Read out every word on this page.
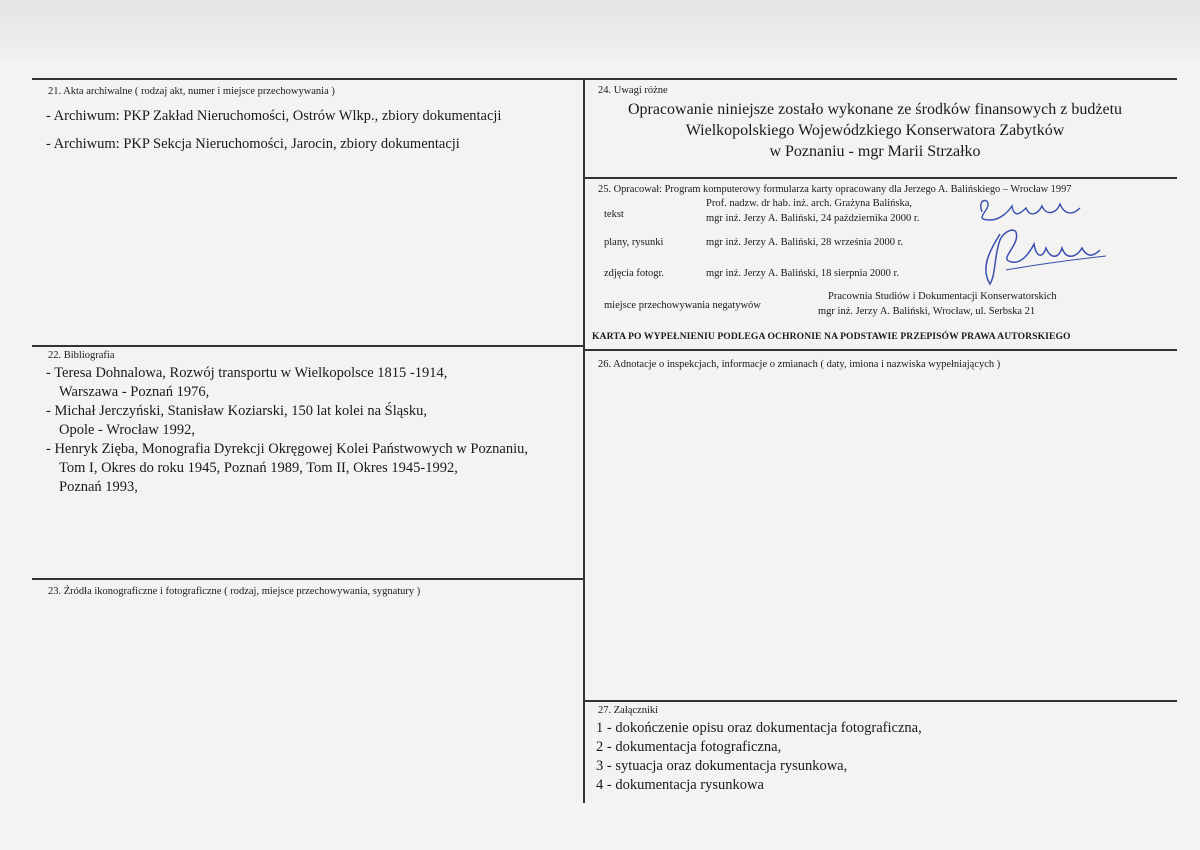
21. Akta archiwalne ( rodzaj akt, numer i miejsce przechowywania )
- Archiwum: PKP Zakład Nieruchomości, Ostrów Wlkp., zbiory dokumentacji
- Archiwum: PKP Sekcja Nieruchomości, Jarocin, zbiory dokumentacji
22. Bibliografia
- Teresa Dohnalowa, Rozwój transportu w Wielkopolsce 1815 -1914,
Warszawa - Poznań 1976,
- Michał Jerczyński, Stanisław Koziarski, 150 lat kolei na Śląsku,
Opole - Wrocław 1992,
- Henryk Zięba, Monografia Dyrekcji Okręgowej Kolei Państwowych w Poznaniu,
Tom I, Okres do roku 1945, Poznań 1989, Tom II, Okres 1945-1992,
Poznań 1993,
23. Źródła ikonograficzne i fotograficzne ( rodzaj, miejsce przechowywania, sygnatury )
24. Uwagi różne
Opracowanie niniejsze zostało wykonane ze środków finansowych z budżetu
Wielkopolskiego Wojewódzkiego Konserwatora Zabytków
w Poznaniu - mgr Marii Strzałko
25. Opracował: Program komputerowy formularza karty opracowany dla Jerzego A. Balińskiego – Wrocław 1997
tekst
Prof. nadzw. dr hab. inż. arch. Grażyna Balińska,
mgr inż. Jerzy A. Baliński, 24 października 2000 r.
plany, rysunki	mgr inż. Jerzy A. Baliński, 28 września 2000 r.
zdjęcia fotogr.	mgr inż. Jerzy A. Baliński, 18 sierpnia 2000 r.
miejsce przechowywania negatywów
Pracownia Studiów i Dokumentacji Konserwatorskich
mgr inż. Jerzy A. Baliński, Wrocław, ul. Serbska 21
KARTA PO WYPEŁNIENIU PODLEGA OCHRONIE NA PODSTAWIE PRZEPISÓW PRAWA AUTORSKIEGO
26. Adnotacje o inspekcjach, informacje o zmianach ( daty, imiona i nazwiska wypełniających )
27. Załączniki
1 - dokończenie opisu oraz dokumentacja fotograficzna,
2 - dokumentacja fotograficzna,
3 - sytuacja oraz dokumentacja rysunkowa,
4 - dokumentacja rysunkowa
